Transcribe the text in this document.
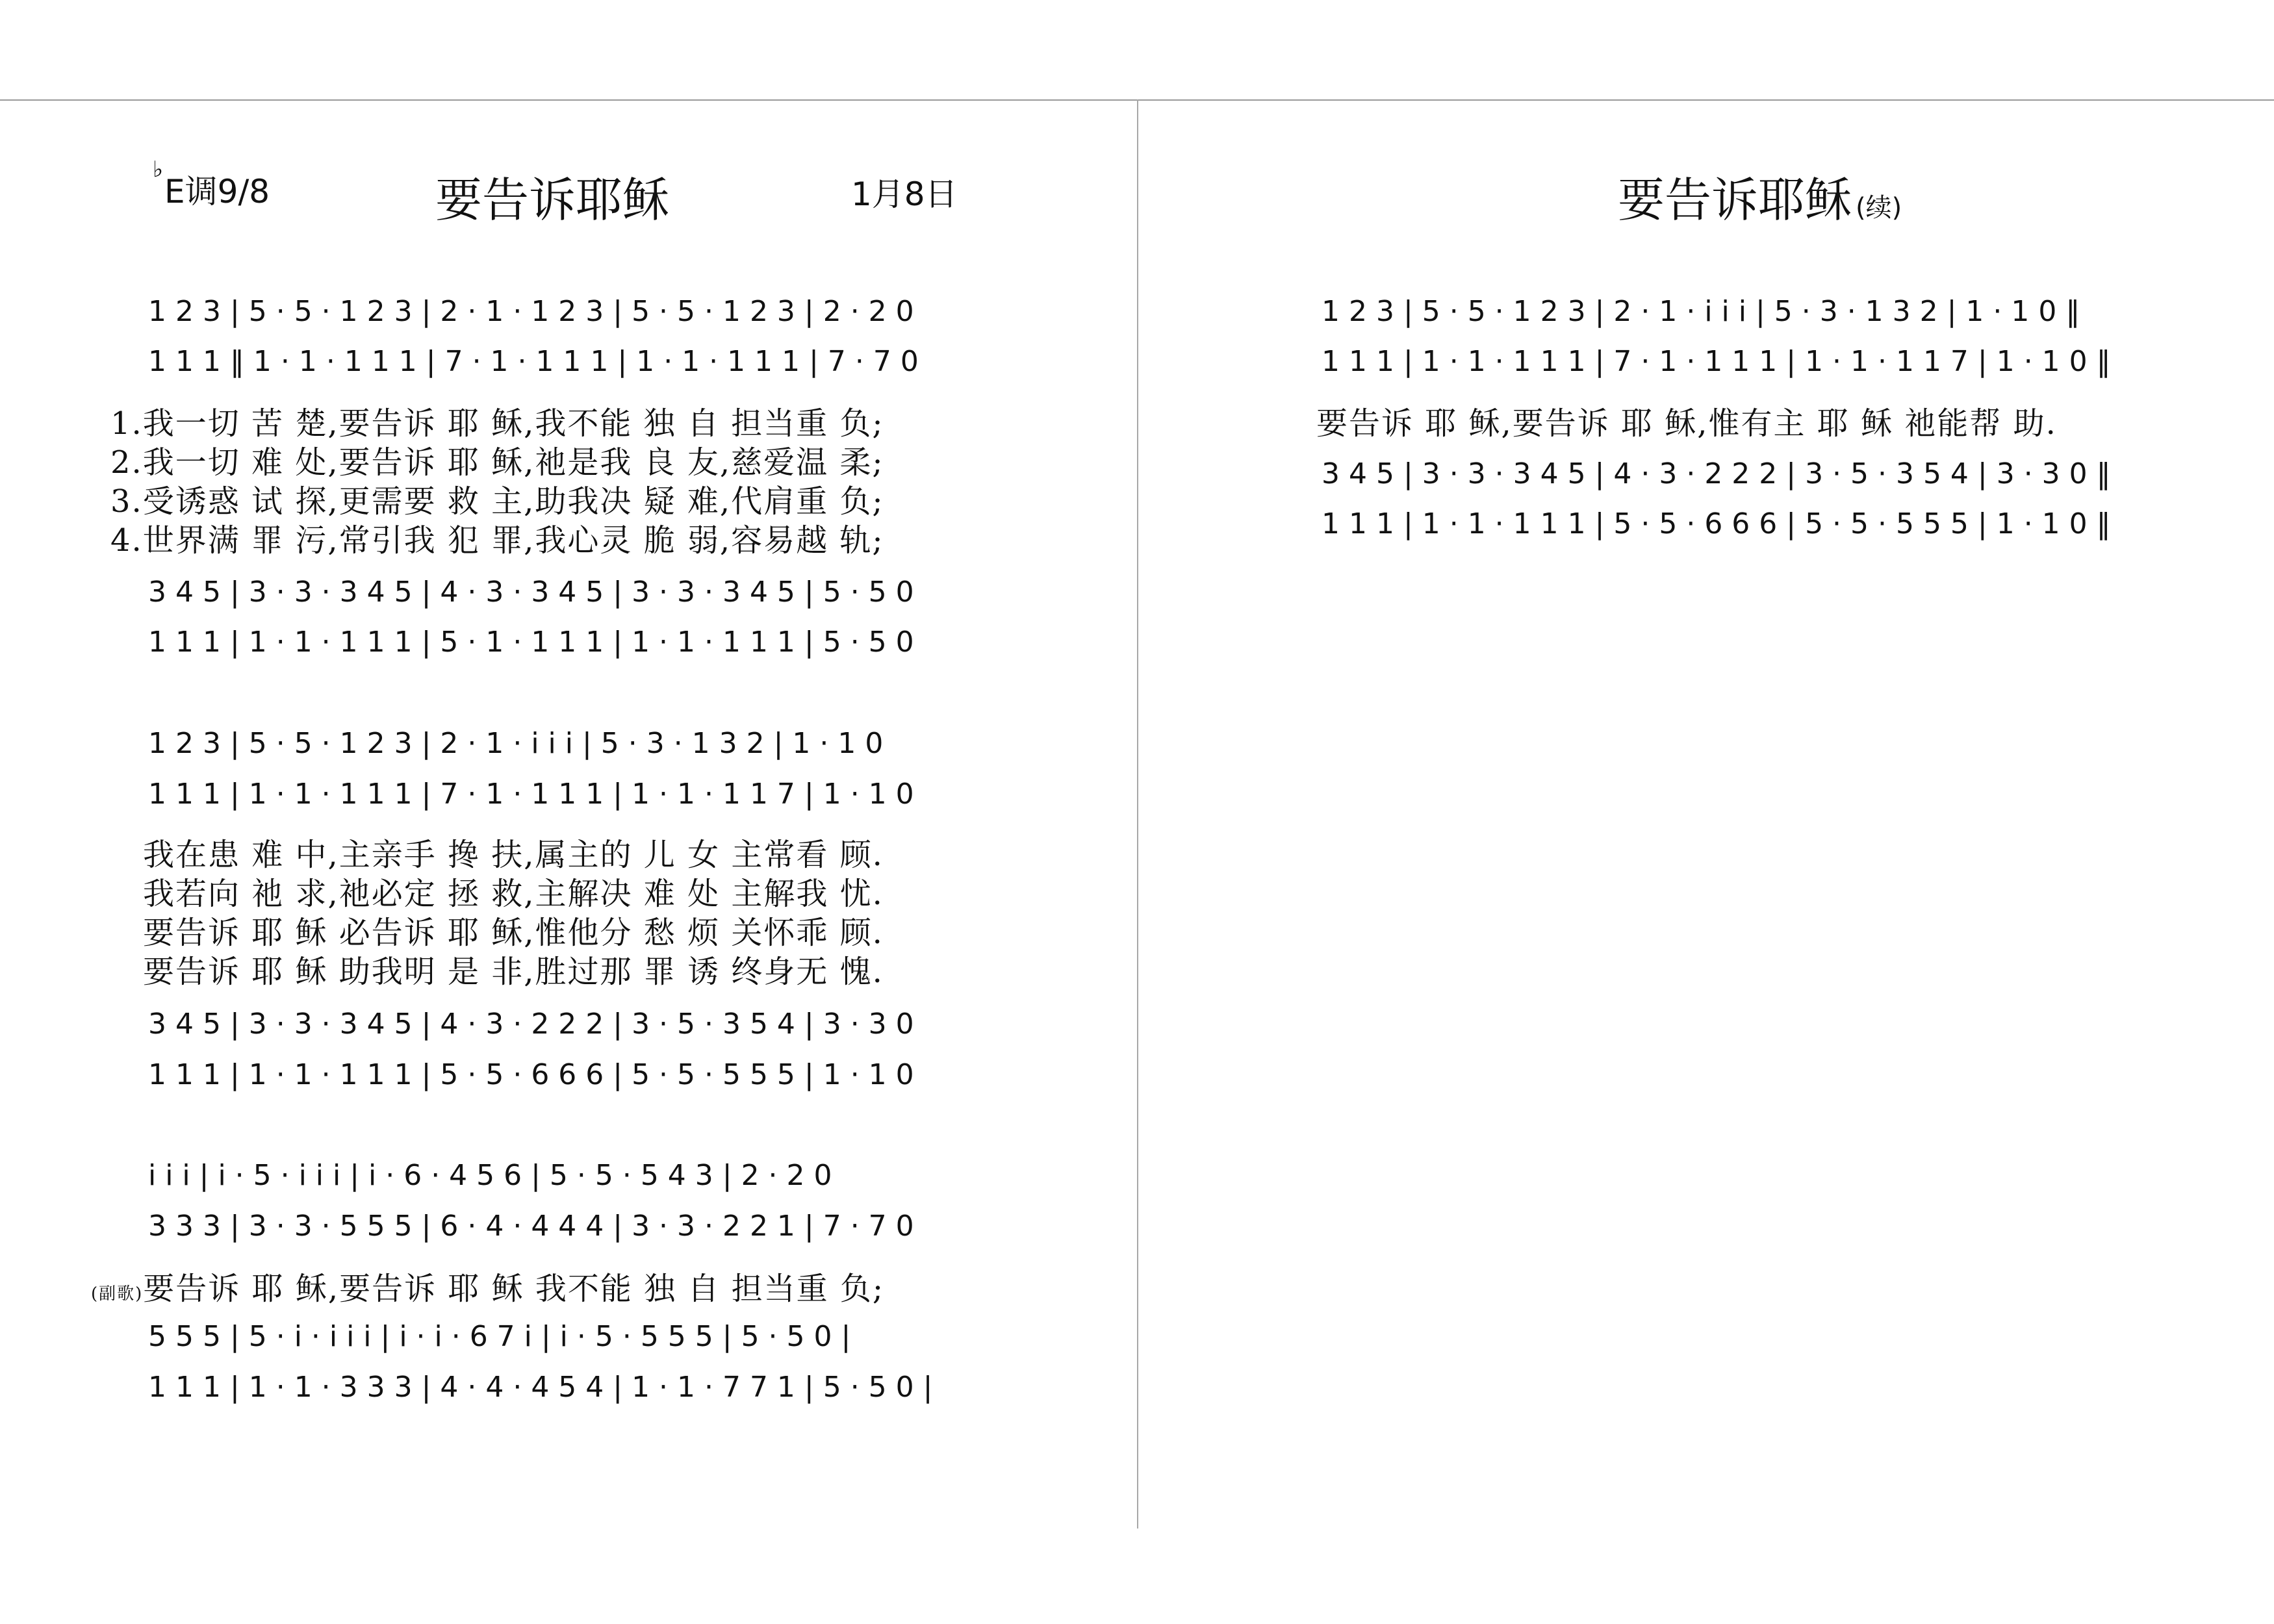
♭E调9/8	要告诉耶稣	1月8日
1 2 3 | 5 · 5 · 1 2 3 | 2 · 1 · 1 2 3 | 5 · 5 · 1 2 3 | 2 · 2 0
1 1 1 ‖ 1 · 1 · 1 1 1 | 7 · 1 · 1 1 1 | 1 · 1 · 1 1 1 | 7 · 7 0
1.我一切 苦 楚,要告诉 耶 稣,我不能 独 自 担当重 负;
2.我一切 难 处,要告诉 耶 稣,祂是我 良 友,慈爱温 柔;
3.受诱惑 试 探,更需要 救 主,助我决 疑 难,代肩重 负;
4.世界满 罪 污,常引我 犯 罪,我心灵 脆 弱,容易越 轨;
3 4 5 | 3 · 3 · 3 4 5 | 4 · 3 · 3 4 5 | 3 · 3 · 3 4 5 | 5 · 5 0
1 1 1 | 1 · 1 · 1 1 1 | 5 · 1 · 1 1 1 | 1 · 1 · 1 1 1 | 5 · 5 0
1 2 3 | 5 · 5 · 1 2 3 | 2 · 1 · i i i | 5 · 3 · 1 3 2 | 1 · 1 0
1 1 1 | 1 · 1 · 1 1 1 | 7 · 1 · 1 1 1 | 1 · 1 · 1 1 7 | 1 · 1 0
我在患 难 中,主亲手 搀 扶,属主的 儿 女 主常看 顾.
我若向 祂 求,祂必定 拯 救,主解决 难 处 主解我 忧.
要告诉 耶 稣 必告诉 耶 稣,惟他分 愁 烦 关怀乖 顾.
要告诉 耶 稣 助我明 是 非,胜过那 罪 诱 终身无 愧.
3 4 5 | 3 · 3 · 3 4 5 | 4 · 3 · 2 2 2 | 3 · 5 · 3 5 4 | 3 · 3 0
1 1 1 | 1 · 1 · 1 1 1 | 5 · 5 · 6 6 6 | 5 · 5 · 5 5 5 | 1 · 1 0
i i i | i · 5 · i i i | i · 6 · 4 5 6 | 5 · 5 · 5 4 3 | 2 · 2 0
3 3 3 | 3 · 3 · 5 5 5 | 6 · 4 · 4 4 4 | 3 · 3 · 2 2 1 | 7 · 7 0
(副歌)要告诉 耶 稣,要告诉 耶 稣 我不能 独 自 担当重 负;
5 5 5 | 5 · i · i i i | i · i · 6 7 i | i · 5 · 5 5 5 | 5 · 5 0 |
1 1 1 | 1 · 1 · 3 3 3 | 4 · 4 · 4 5 4 | 1 · 1 · 7 7 1 | 5 · 5 0 |
要告诉耶稣 (续)
1 2 3 | 5 · 5 · 1 2 3 | 2 · 1 · i i i | 5 · 3 · 1 3 2 | 1 · 1 0 ‖
1 1 1 | 1 · 1 · 1 1 1 | 7 · 1 · 1 1 1 | 1 · 1 · 1 1 7 | 1 · 1 0 ‖
要告诉 耶 稣,要告诉 耶 稣,惟有主 耶 稣 祂能帮 助.
3 4 5 | 3 · 3 · 3 4 5 | 4 · 3 · 2 2 2 | 3 · 5 · 3 5 4 | 3 · 3 0 ‖
1 1 1 | 1 · 1 · 1 1 1 | 5 · 5 · 6 6 6 | 5 · 5 · 5 5 5 | 1 · 1 0 ‖
